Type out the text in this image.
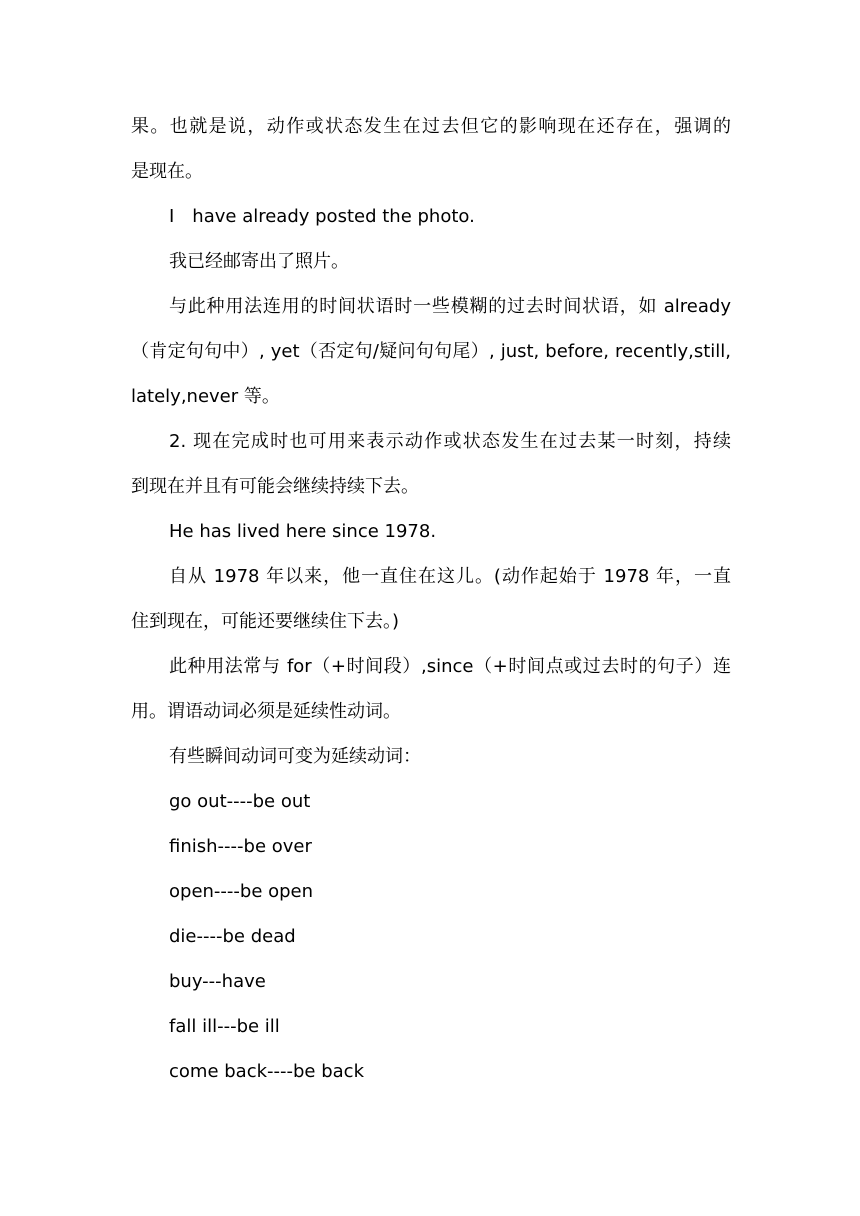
果。也就是说，动作或状态发生在过去但它的影响现在还存在，强调的
是现在。
I have already posted the photo.
我已经邮寄出了照片。
与此种用法连用的时间状语时一些模糊的过去时间状语，如 already
（肯定句句中）, yet（否定句/疑问句句尾）, just, before, recently,still,
lately,never 等。
2. 现在完成时也可用来表示动作或状态发生在过去某一时刻，持续
到现在并且有可能会继续持续下去。
He has lived here since 1978.
自从 1978 年以来，他一直住在这儿。(动作起始于 1978 年，一直
住到现在，可能还要继续住下去。)
此种用法常与 for（+时间段）,since（+时间点或过去时的句子）连
用。谓语动词必须是延续性动词。
有些瞬间动词可变为延续动词：
go out----be out
finish----be over
open----be open
die----be dead
buy---have
fall ill---be ill
come back----be back
